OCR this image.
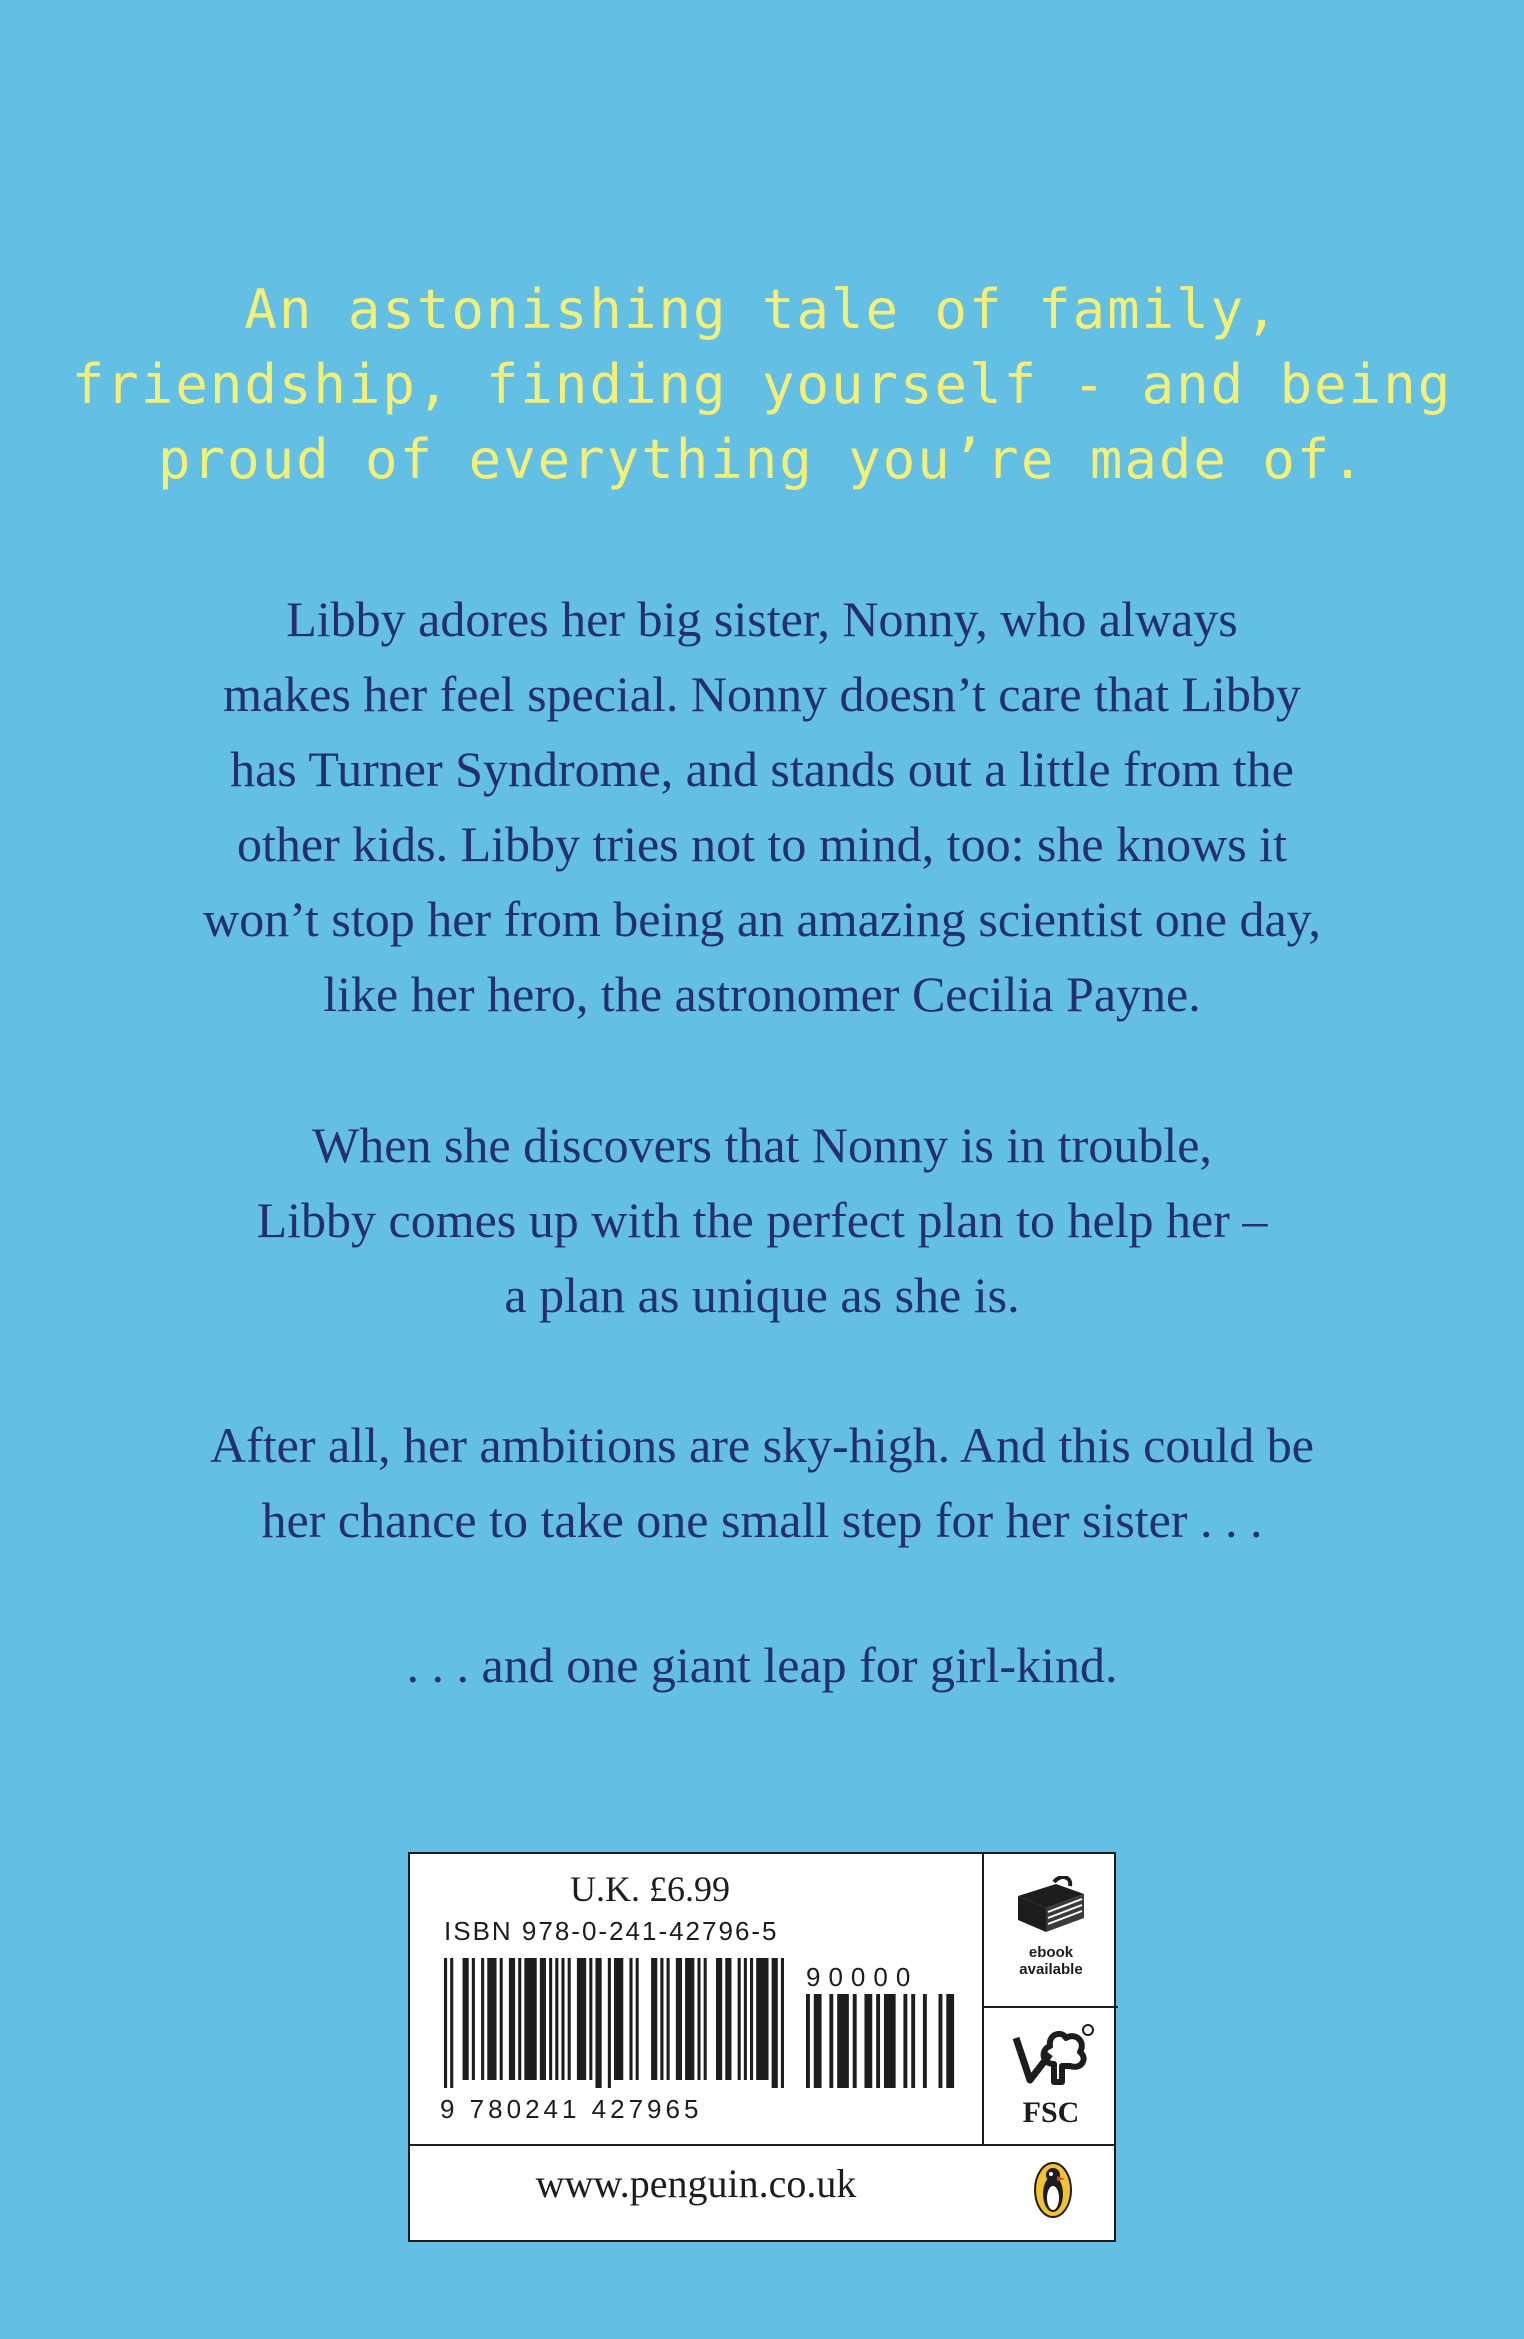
An astonishing tale of family,
friendship, finding yourself - and being
proud of everything you’re made of.
Libby adores her big sister, Nonny, who always
makes her feel special. Nonny doesn’t care that Libby
has Turner Syndrome, and stands out a little from the
other kids. Libby tries not to mind, too: she knows it
won’t stop her from being an amazing scientist one day,
like her hero, the astronomer Cecilia Payne.
When she discovers that Nonny is in trouble,
Libby comes up with the perfect plan to help her –
a plan as unique as she is.
After all, her ambitions are sky-high. And this could be
her chance to take one small step for her sister . . .
. . . and one giant leap for girl-kind.
U.K. £6.99
ISBN 978-0-241-42796-5
90000
9 780241 427965
www.penguin.co.uk
ebook
available
FSC
